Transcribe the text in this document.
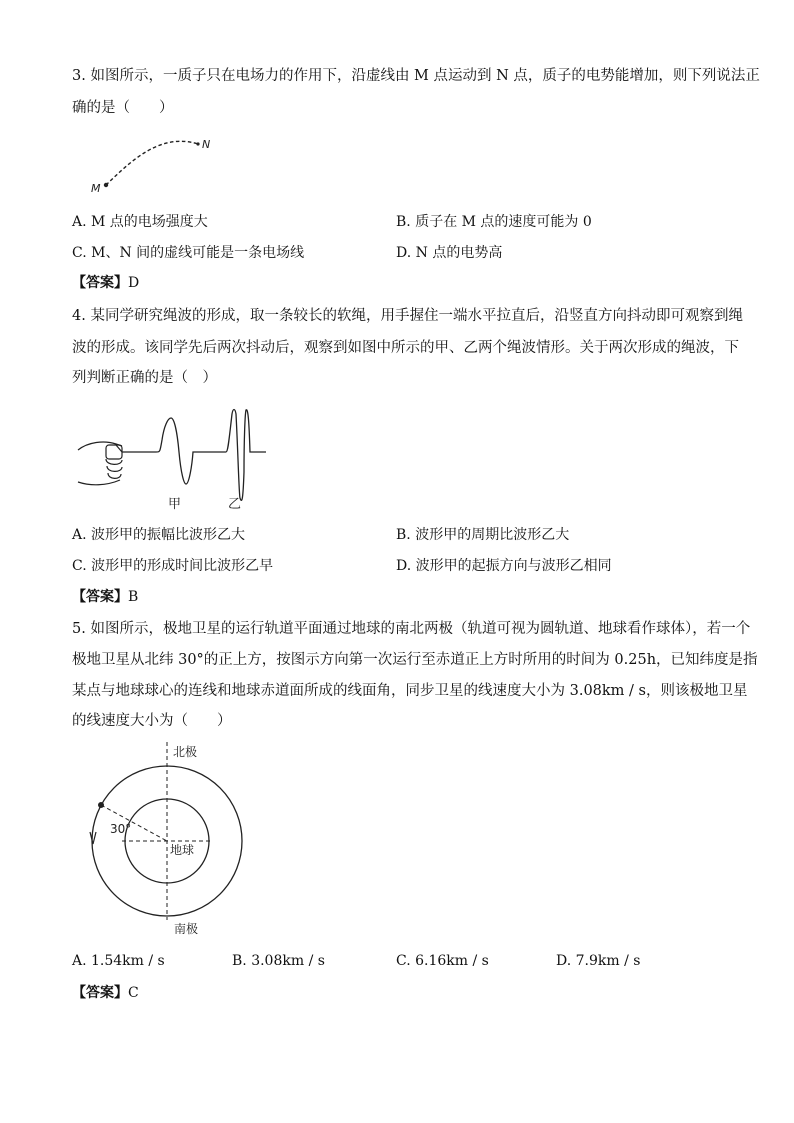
3. 如图所示，一质子只在电场力的作用下，沿虚线由 M 点运动到 N 点，质子的电势能增加，则下列说法正
确的是（　　）
M
N
A. M 点的电场强度大	B. 质子在 M 点的速度可能为 0
C. M、N 间的虚线可能是一条电场线	D. N 点的电势高
【答案】D
4. 某同学研究绳波的形成，取一条较长的软绳，用手握住一端水平拉直后，沿竖直方向抖动即可观察到绳
波的形成。该同学先后两次抖动后，观察到如图中所示的甲、乙两个绳波情形。关于两次形成的绳波，下
列判断正确的是（　）
甲	乙
A. 波形甲的振幅比波形乙大	B. 波形甲的周期比波形乙大
C. 波形甲的形成时间比波形乙早	D. 波形甲的起振方向与波形乙相同
【答案】B
5. 如图所示，极地卫星的运行轨道平面通过地球的南北两极（轨道可视为圆轨道、地球看作球体），若一个
极地卫星从北纬 30°的正上方，按图示方向第一次运行至赤道正上方时所用的时间为 0.25h，已知纬度是指
某点与地球球心的连线和地球赤道面所成的线面角，同步卫星的线速度大小为 3.08km / s，则该极地卫星
的线速度大小为（　　）
北极
南极
地球
30°
A. 1.54km / s	B. 3.08km / s	C. 6.16km / s	D. 7.9km / s
【答案】C
